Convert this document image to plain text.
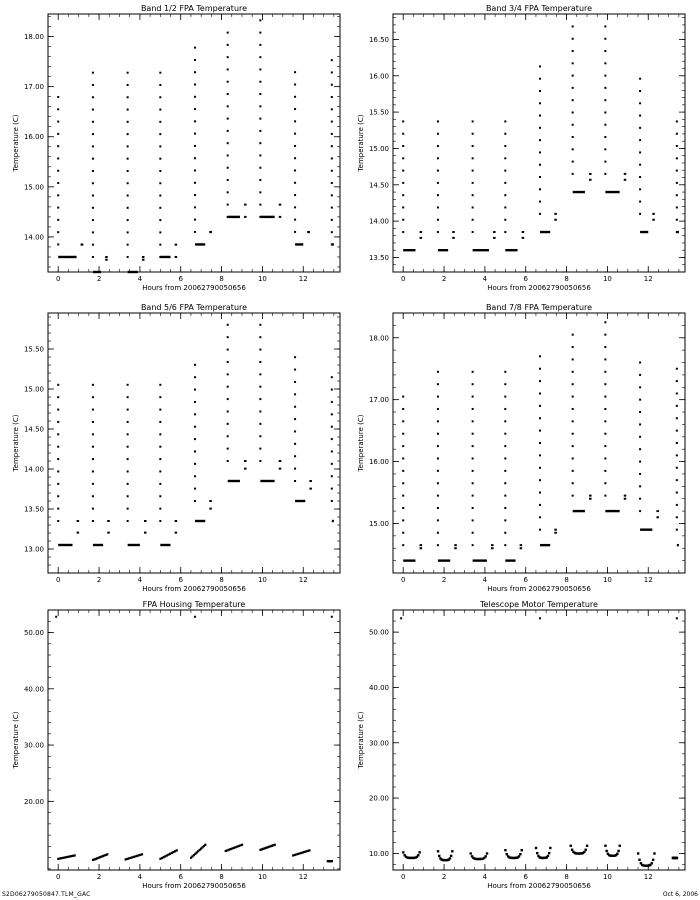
Band 1/2 FPA Temperature
0	2	4	6	8	10	12
14.00
15.00
16.00
17.00
18.00
Hours from 20062790050656
Temperature (C)
Band 3/4 FPA Temperature
0	2	4	6	8	10	12
13.50
14.00
14.50
15.00
15.50
16.00
16.50
Hours from 20062790050656
Temperature (C)
Band 5/6 FPA Temperature
0	2	4	6	8	10	12
13.00
13.50
14.00
14.50
15.00
15.50
Hours from 20062790050656
Temperature (C)
Band 7/8 FPA Temperature
0	2	4	6	8	10	12
15.00
16.00
17.00
18.00
Hours from 20062790050656
Temperature (C)
FPA Housing Temperature
0	2	4	6	8	10	12
20.00
30.00
40.00
50.00
Hours from 20062790050656
Temperature (C)
Telescope Motor Temperature
0	2	4	6	8	10	12
10.00
20.00
30.00
40.00
50.00
Hours from 20062790050656
Temperature (C)
S2D06279050847.TLM_GAC	Oct 6, 2006
